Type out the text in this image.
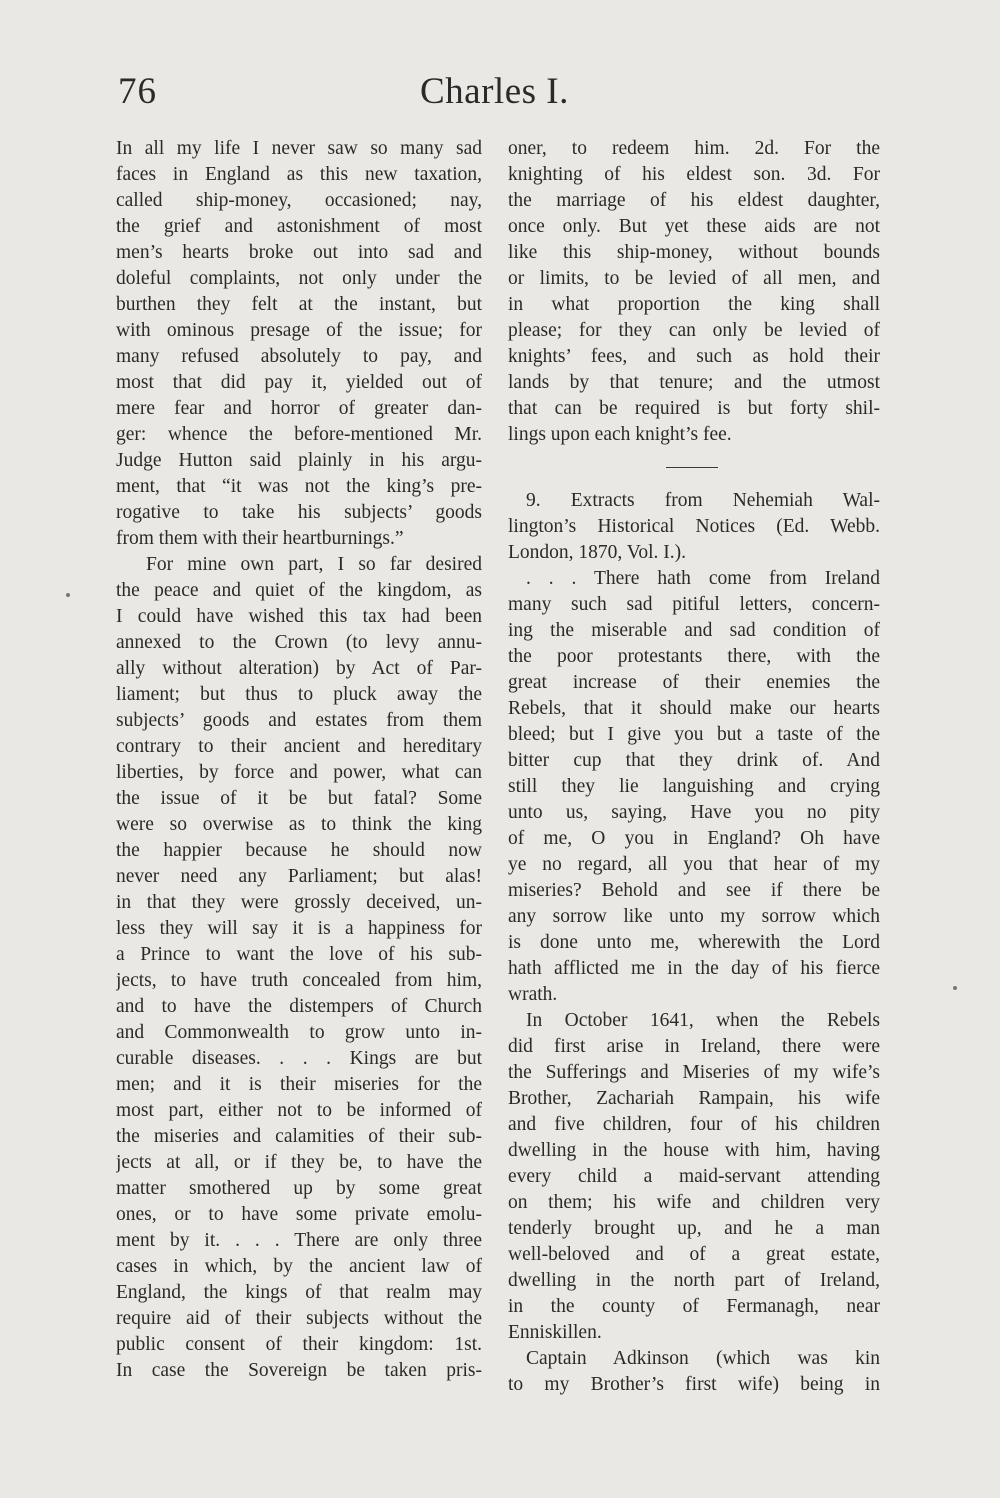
76	Charles I.
In all my life I never saw so many sad
faces in England as this new taxation,
called ship-money, occasioned; nay,
the grief and astonishment of most
men’s hearts broke out into sad and
doleful complaints, not only under the
burthen they felt at the instant, but
with ominous presage of the issue; for
many refused absolutely to pay, and
most that did pay it, yielded out of
mere fear and horror of greater dan-
ger: whence the before-mentioned Mr.
Judge Hutton said plainly in his argu-
ment, that “it was not the king’s pre-
rogative to take his subjects’ goods
from them with their heartburnings.”
For mine own part, I so far desired
the peace and quiet of the kingdom, as
I could have wished this tax had been
annexed to the Crown (to levy annu-
ally without alteration) by Act of Par-
liament; but thus to pluck away the
subjects’ goods and estates from them
contrary to their ancient and hereditary
liberties, by force and power, what can
the issue of it be but fatal? Some
were so overwise as to think the king
the happier because he should now
never need any Parliament; but alas!
in that they were grossly deceived, un-
less they will say it is a happiness for
a Prince to want the love of his sub-
jects, to have truth concealed from him,
and to have the distempers of Church
and Commonwealth to grow unto in-
curable diseases. . . . Kings are but
men; and it is their miseries for the
most part, either not to be informed of
the miseries and calamities of their sub-
jects at all, or if they be, to have the
matter smothered up by some great
ones, or to have some private emolu-
ment by it. . . . There are only three
cases in which, by the ancient law of
England, the kings of that realm may
require aid of their subjects without the
public consent of their kingdom: 1st.
In case the Sovereign be taken pris-
oner, to redeem him. 2d. For the
knighting of his eldest son. 3d. For
the marriage of his eldest daughter,
once only. But yet these aids are not
like this ship-money, without bounds
or limits, to be levied of all men, and
in what proportion the king shall
please; for they can only be levied of
knights’ fees, and such as hold their
lands by that tenure; and the utmost
that can be required is but forty shil-
lings upon each knight’s fee.
9. Extracts from Nehemiah Wal-
lington’s Historical Notices (Ed. Webb.
London, 1870, Vol. I.).
. . . There hath come from Ireland
many such sad pitiful letters, concern-
ing the miserable and sad condition of
the poor protestants there, with the
great increase of their enemies the
Rebels, that it should make our hearts
bleed; but I give you but a taste of the
bitter cup that they drink of. And
still they lie languishing and crying
unto us, saying, Have you no pity
of me, O you in England? Oh have
ye no regard, all you that hear of my
miseries? Behold and see if there be
any sorrow like unto my sorrow which
is done unto me, wherewith the Lord
hath afflicted me in the day of his fierce
wrath.
In October 1641, when the Rebels
did first arise in Ireland, there were
the Sufferings and Miseries of my wife’s
Brother, Zachariah Rampain, his wife
and five children, four of his children
dwelling in the house with him, having
every child a maid-servant attending
on them; his wife and children very
tenderly brought up, and he a man
well-beloved and of a great estate,
dwelling in the north part of Ireland,
in the county of Fermanagh, near
Enniskillen.
Captain Adkinson (which was kin
to my Brother’s first wife) being in
